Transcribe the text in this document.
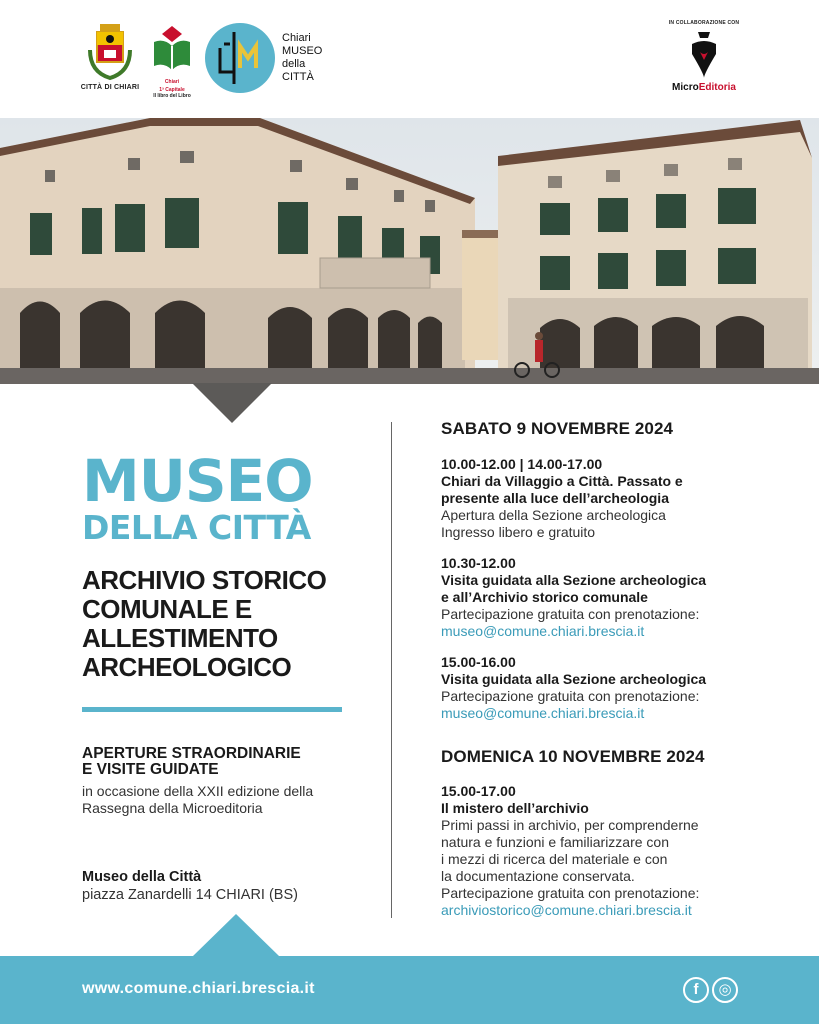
CITTÀ DI CHIARI
Chiari
1ª Capitale
Il libro del Libro
Chiari
MUSEO
della
CITTÀ
IN COLLABORAZIONE CON
MicroEditoria
MUSEO
DELLA CITTÀ
ARCHIVIO STORICO
COMUNALE E
ALLESTIMENTO
ARCHEOLOGICO
APERTURE STRAORDINARIE
E VISITE GUIDATE
in occasione della XXII edizione della
Rassegna della Microeditoria
Museo della Città
piazza Zanardelli 14 CHIARI (BS)
SABATO 9 NOVEMBRE 2024
10.00-12.00 | 14.00-17.00
Chiari da Villaggio a Città. Passato e
presente alla luce dell’archeologia
Apertura della Sezione archeologica
Ingresso libero e gratuito
10.30-12.00
Visita guidata alla Sezione archeologica
e all’Archivio storico comunale
Partecipazione gratuita con prenotazione:
museo@comune.chiari.brescia.it
15.00-16.00
Visita guidata alla Sezione archeologica
Partecipazione gratuita con prenotazione:
museo@comune.chiari.brescia.it
DOMENICA 10 NOVEMBRE 2024
15.00-17.00
Il mistero dell’archivio
Primi passi in archivio, per comprenderne
natura e funzioni e familiarizzare con
i mezzi di ricerca del materiale e con
la documentazione conservata.
Partecipazione gratuita con prenotazione:
archiviostorico@comune.chiari.brescia.it
www.comune.chiari.brescia.it	f	◎
